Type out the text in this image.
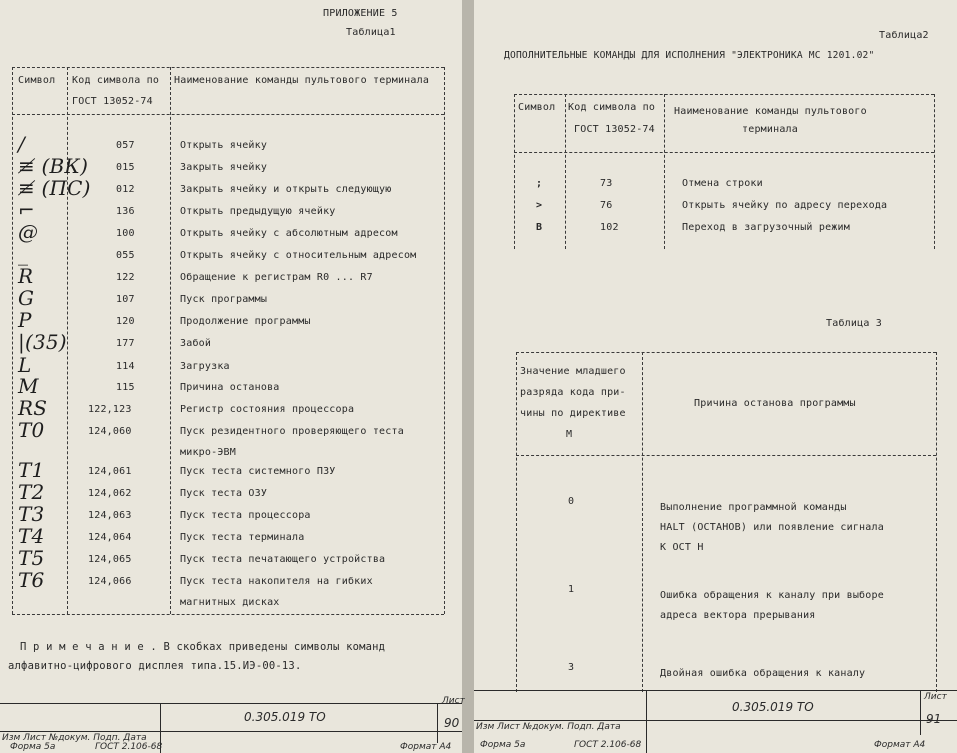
ПРИЛОЖЕНИЕ 5
Таблица1
Символ Код символа по
ГОСТ 13052-74
Наименование команды пультового терминала
/	057	Открыть ячейку
≢ (ВК)	015	Закрыть ячейку
≢ (ПС)	012	Закрыть ячейку и открыть следующую
⌐	136	Открыть предыдущую ячейку
@	100	Открыть ячейку с абсолютным адресом
_	055	Открыть ячейку с относительным адресом
R	122	Обращение к регистрам R0 ... R7
G	107	Пуск программы
P	120	Продолжение программы
|(35)	177	Забой
L	114	Загрузка
M	115	Причина останова
RS	122,123	Регистр состояния процессора
T0	124,060	Пуск резидентного проверяющего теста
микро-ЭВМ
T1	124,061	Пуск теста системного ПЗУ
T2	124,062	Пуск теста ОЗУ
T3	124,063	Пуск теста процессора
T4	124,064	Пуск теста терминала
T5	124,065	Пуск теста печатающего устройства
T6	124,066	Пуск теста накопителя на гибких
магнитных дисках
П р и м е ч а н и е . В скобках приведены символы команд
алфавитно-цифрового дисплея типа.15.ИЭ-00-13.
0.305.019 ТО
Лист
90
Изм Лист №докум. Подп. Дата
Форма 5а	ГОСТ 2.106-68	Формат А4
Таблица2
ДОПОЛНИТЕЛЬНЫЕ КОМАНДЫ ДЛЯ ИСПОЛНЕНИЯ "ЭЛЕКТРОНИКА МС 1201.02"
Символ Код символа по
ГОСТ 13052-74
Наименование команды пультового
терминала
;	73	Отмена строки
>	76	Открыть ячейку по адресу перехода
B	102	Переход в загрузочный режим
Таблица 3
Значение младшего
разряда кода при-
чины по директиве
M
Причина останова программы
0
Выполнение программной команды
HALT (ОСТАНОВ) или появление сигнала
К ОСТ Н
1
Ошибка обращения к каналу при выборе
адреса вектора прерывания
3
Двойная ошибка обращения к каналу
0.305.019 ТО
Лист
91
Изм Лист №докум. Подп. Дата
Форма 5а	ГОСТ 2.106-68	Формат А4
